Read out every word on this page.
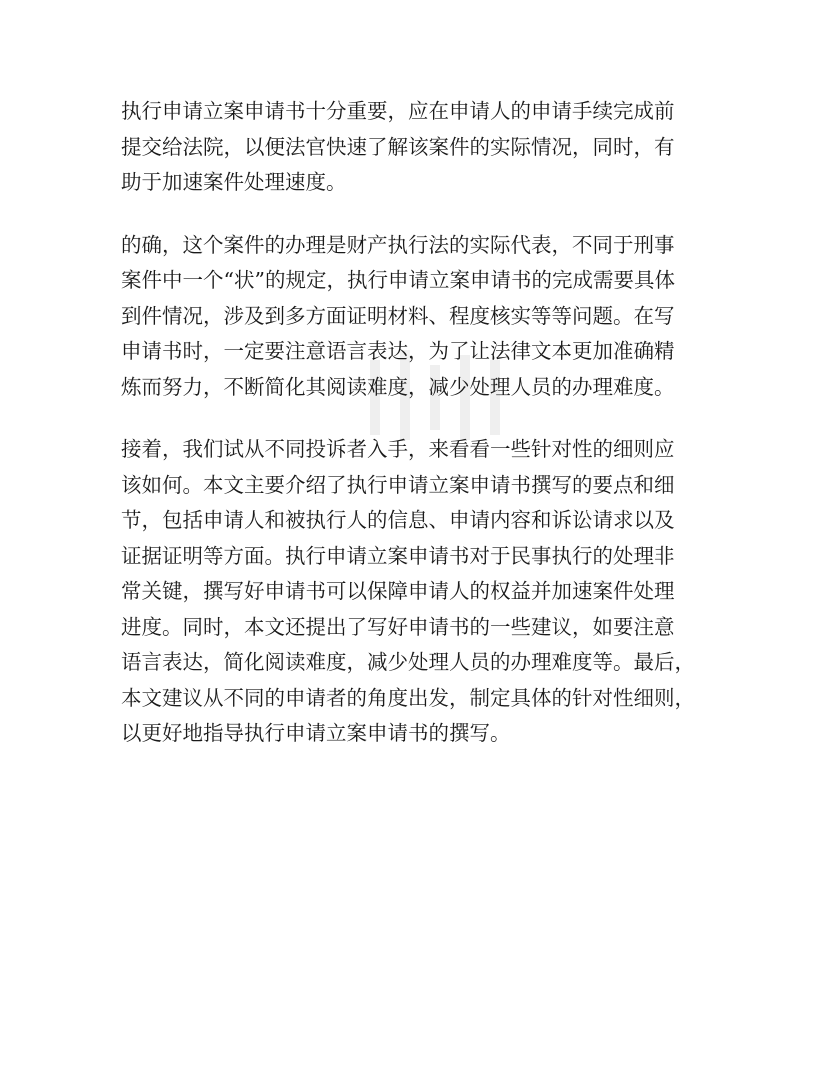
执行申请立案申请书十分重要，应在申请人的申请手续完成前
提交给法院，以便法官快速了解该案件的实际情况，同时，有
助于加速案件处理速度。
的确，这个案件的办理是财产执行法的实际代表，不同于刑事
案件中一个“状”的规定，执行申请立案申请书的完成需要具体
到件情况，涉及到多方面证明材料、程度核实等等问题。在写
申请书时，一定要注意语言表达，为了让法律文本更加准确精
炼而努力，不断简化其阅读难度，减少处理人员的办理难度。
接着，我们试从不同投诉者入手，来看看一些针对性的细则应
该如何。本文主要介绍了执行申请立案申请书撰写的要点和细
节，包括申请人和被执行人的信息、申请内容和诉讼请求以及
证据证明等方面。执行申请立案申请书对于民事执行的处理非
常关键，撰写好申请书可以保障申请人的权益并加速案件处理
进度。同时，本文还提出了写好申请书的一些建议，如要注意
语言表达，简化阅读难度，减少处理人员的办理难度等。最后，
本文建议从不同的申请者的角度出发，制定具体的针对性细则，
以更好地指导执行申请立案申请书的撰写。
